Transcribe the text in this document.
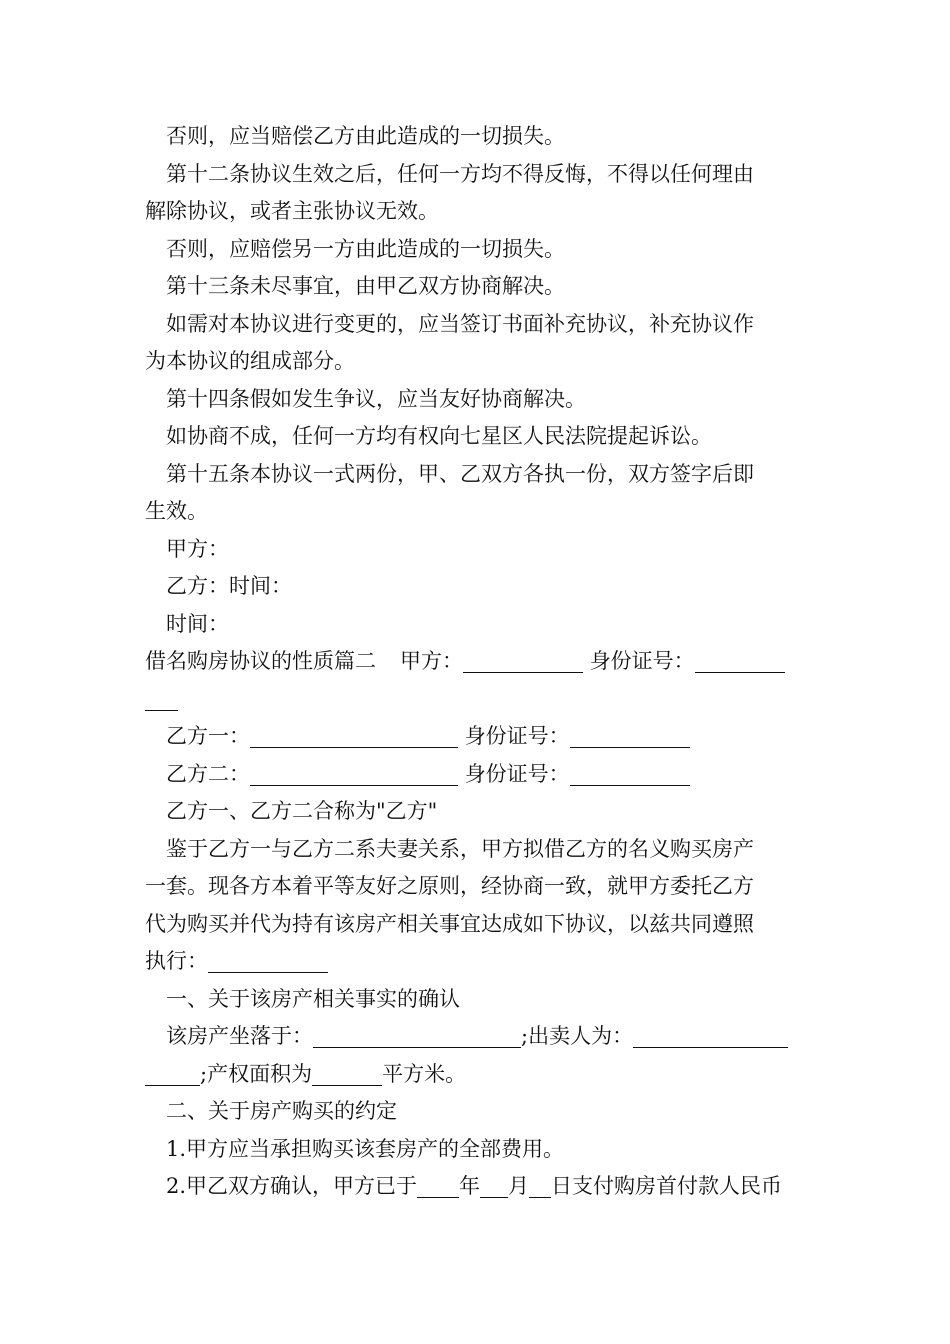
否则，应当赔偿乙方由此造成的一切损失。

第十二条协议生效之后，任何一方均不得反悔，不得以任何理由

解除协议，或者主张协议无效。

否则，应赔偿另一方由此造成的一切损失。

第十三条未尽事宜，由甲乙双方协商解决。

如需对本协议进行变更的，应当签订书面补充协议，补充协议作

为本协议的组成部分。

第十四条假如发生争议，应当友好协商解决。

如协商不成，任何一方均有权向七星区人民法院提起诉讼。

第十五条本协议一式两份，甲、乙双方各执一份，双方签字后即

生效。

甲方：

乙方：时间：

时间：

借名购房协议的性质篇二 甲方：	身份证号：

乙方一：	身份证号：

乙方二：	身份证号：

乙方一、乙方二合称为"乙方"

鉴于乙方一与乙方二系夫妻关系，甲方拟借乙方的名义购买房产

一套。现各方本着平等友好之原则，经协商一致，就甲方委托乙方

代为购买并代为持有该房产相关事宜达成如下协议，以兹共同遵照

执行：

一、关于该房产相关事实的确认

该房产坐落于：	;出卖人为：

;产权面积为	平方米。

二、关于房产购买的约定

1.甲方应当承担购买该套房产的全部费用。

2.甲乙双方确认，甲方已于 年 月 日支付购房首付款人民币
